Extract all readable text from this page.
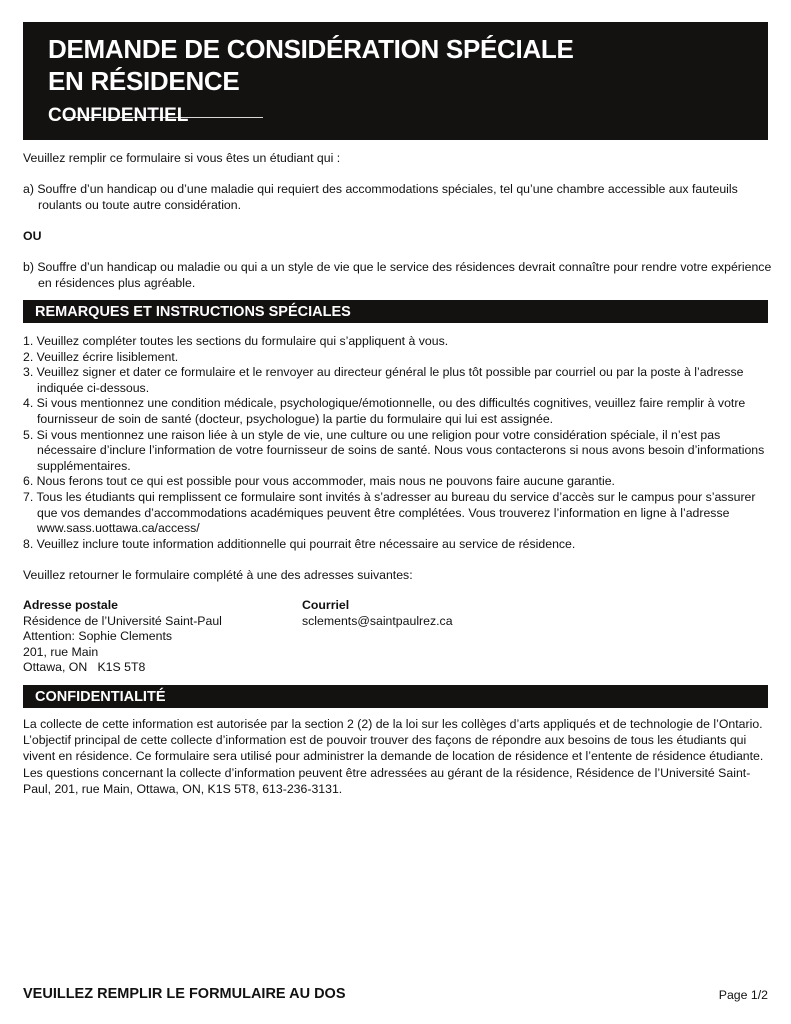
DEMANDE DE CONSIDÉRATION SPÉCIALE
EN RÉSIDENCE
CONFIDENTIEL

Veuillez remplir ce formulaire si vous êtes un étudiant qui :

a) Souffre d’un handicap ou d’une maladie qui requiert des accommodations spéciales, tel qu’une chambre accessible aux fauteuils roulants ou toute autre considération.

OU

b) Souffre d’un handicap ou maladie ou qui a un style de vie que le service des résidences devrait connaître pour rendre votre expérience en résidences plus agréable.

REMARQUES ET INSTRUCTIONS SPÉCIALES
1. Veuillez compléter toutes les sections du formulaire qui s’appliquent à vous.
2. Veuillez écrire lisiblement.
3. Veuillez signer et dater ce formulaire et le renvoyer au directeur général le plus tôt possible par courriel ou par la poste à l’adresse indiquée ci-dessous.
4. Si vous mentionnez une condition médicale, psychologique/émotionnelle, ou des difficultés cognitives, veuillez faire remplir à votre fournisseur de soin de santé (docteur, psychologue) la partie du formulaire qui lui est assignée.
5. Si vous mentionnez une raison liée à un style de vie, une culture ou une religion pour votre considération spéciale, il n’est pas nécessaire d’inclure l’information de votre fournisseur de soins de santé. Nous vous contacterons si nous avons besoin d’informations supplémentaires.
6. Nous ferons tout ce qui est possible pour vous accommoder, mais nous ne pouvons faire aucune garantie.
7. Tous les étudiants qui remplissent ce formulaire sont invités à s’adresser au bureau du service d’accès sur le campus pour s’assurer que vos demandes d’accommodations académiques peuvent être complétées. Vous trouverez l’information en ligne à l’adresse www.sass.uottawa.ca/access/
8. Veuillez inclure toute information additionnelle qui pourrait être nécessaire au service de résidence.

Veuillez retourner le formulaire complété à une des adresses suivantes:

Adresse postale
Résidence de l’Université Saint-Paul
Attention: Sophie Clements
201, rue Main
Ottawa, ON   K1S 5T8
Courriel
sclements@saintpaulrez.ca
CONFIDENTIALITÉ

La collecte de cette information est autorisée par la section 2 (2) de la loi sur les collèges d’arts appliqués et de technologie de l’Ontario. L’objectif principal de cette collecte d’information est de pouvoir trouver des façons de répondre aux besoins de tous les étudiants qui vivent en résidence. Ce formulaire sera utilisé pour administrer la demande de location de résidence et l’entente de résidence étudiante. Les questions concernant la collecte d’information peuvent être adressées au gérant de la résidence, Résidence de l’Université Saint-Paul, 201, rue Main, Ottawa, ON, K1S 5T8, 613-236-3131.

VEUILLEZ REMPLIR LE FORMULAIRE AU DOS	Page 1/2
